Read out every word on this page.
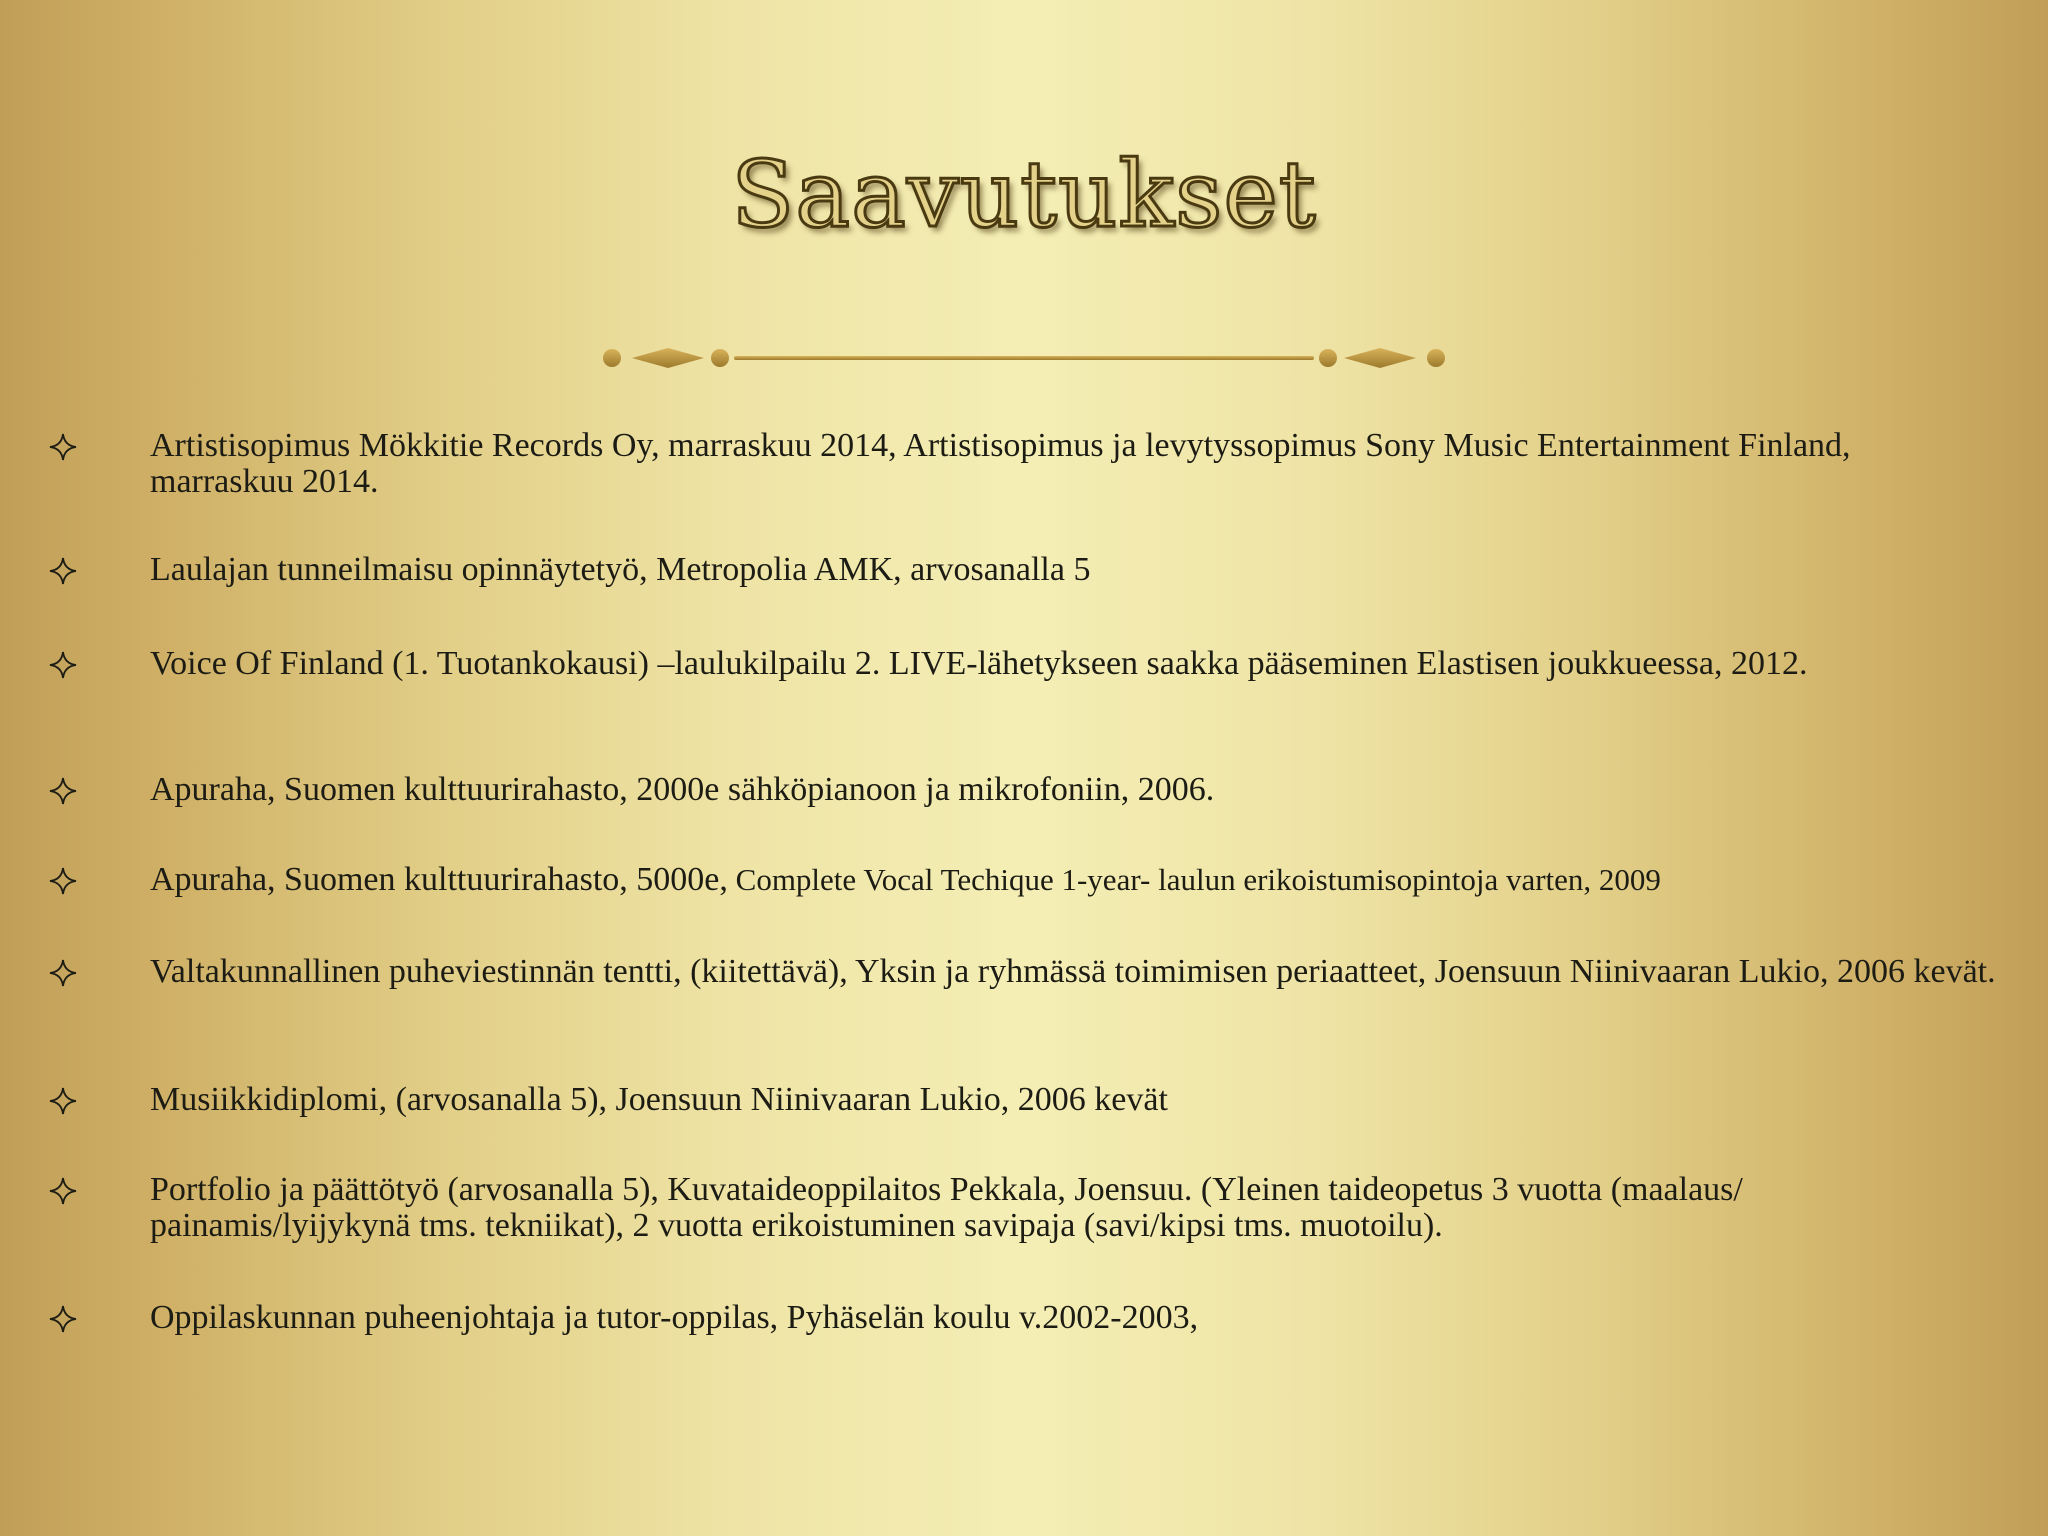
Saavutukset
Artistisopimus Mökkitie Records Oy, marraskuu 2014, Artistisopimus ja levytyssopimus Sony Music Entertainment Finland, marraskuu 2014.
Laulajan tunneilmaisu opinnäytetyö, Metropolia AMK, arvosanalla 5
Voice Of Finland (1. Tuotankokausi) –laulukilpailu 2. LIVE-lähetykseen saakka pääseminen Elastisen joukkueessa, 2012.
Apuraha, Suomen kulttuurirahasto, 2000e sähköpianoon ja mikrofoniin, 2006.
Apuraha, Suomen kulttuurirahasto, 5000e, Complete Vocal Techique 1-year- laulun erikoistumisopintoja varten, 2009
Valtakunnallinen puheviestinnän tentti, (kiitettävä), Yksin ja ryhmässä toimimisen periaatteet, Joensuun Niinivaaran Lukio, 2006 kevät.
Musiikkidiplomi, (arvosanalla 5), Joensuun Niinivaaran Lukio, 2006 kevät
Portfolio ja päättötyö (arvosanalla 5), Kuvataideoppilaitos Pekkala, Joensuu. (Yleinen taideopetus 3 vuotta (maalaus/ painamis/lyijykynä tms. tekniikat), 2 vuotta erikoistuminen savipaja (savi/kipsi tms. muotoilu).
Oppilaskunnan puheenjohtaja ja tutor-oppilas, Pyhäselän koulu v.2002-2003,
